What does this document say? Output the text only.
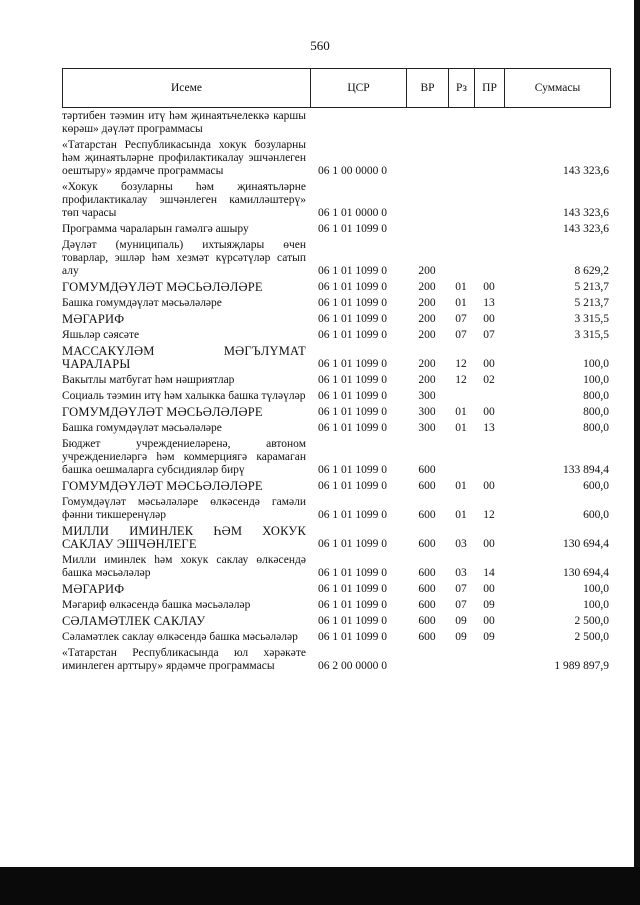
560
Исеме	ЦСР	ВР	Рз	ПР	Суммасы
тәртибен тәэмин итү һәм җинаятьчелеккә каршы көрәш» дәүләт программасы
«Татарстан Республикасында хокук бозуларны һәм җинаятьләрне профилактикалау эшчәнлеген оештыру» ярдәмче программасы	06 1 00 0000 0	143 323,6
«Хокук бозуларны һәм җинаятьләрне профилактикалау эшчәнлеген камилләштерү» төп чарасы	06 1 01 0000 0	143 323,6
Программа чараларын гамәлгә ашыру	06 1 01 1099 0	143 323,6
Дәүләт (муниципаль) ихтыяҗлары өчен товарлар, эшләр һәм хезмәт күрсәтүләр сатып алу	06 1 01 1099 0	200	8 629,2
ГОМУМДӘҮЛӘТ МӘСЬӘЛӘЛӘРЕ	06 1 01 1099 0	200	01	00	5 213,7
Башка гомумдәүләт мәсьәләләре	06 1 01 1099 0	200	01	13	5 213,7
МӘГАРИФ	06 1 01 1099 0	200	07	00	3 315,5
Яшьләр сәясәте	06 1 01 1099 0	200	07	07	3 315,5
МАССАКҮЛӘМ МӘГЪЛҮМАТ ЧАРАЛАРЫ	06 1 01 1099 0	200	12	00	100,0
Вакытлы матбугат һәм нәшриятлар	06 1 01 1099 0	200	12	02	100,0
Социаль тәэмин итү һәм халыкка башка түләүләр	06 1 01 1099 0	300	800,0
ГОМУМДӘҮЛӘТ МӘСЬӘЛӘЛӘРЕ	06 1 01 1099 0	300	01	00	800,0
Башка гомумдәүләт мәсьәләләре	06 1 01 1099 0	300	01	13	800,0
Бюджет учреждениеләренә, автоном учреждениеләргә һәм коммерциягә карамаган башка оешмаларга субсидияләр бирү	06 1 01 1099 0	600	133 894,4
ГОМУМДӘҮЛӘТ МӘСЬӘЛӘЛӘРЕ	06 1 01 1099 0	600	01	00	600,0
Гомумдәүләт мәсьәләләре өлкәсендә гамәли фәнни тикшеренүләр	06 1 01 1099 0	600	01	12	600,0
МИЛЛИ ИМИНЛЕК ҺӘМ ХОКУК САКЛАУ ЭШЧӘНЛЕГЕ	06 1 01 1099 0	600	03	00	130 694,4
Милли иминлек һәм хокук саклау өлкәсендә башка мәсьәләләр	06 1 01 1099 0	600	03	14	130 694,4
МӘГАРИФ	06 1 01 1099 0	600	07	00	100,0
Мәгариф өлкәсендә башка мәсьәләләр	06 1 01 1099 0	600	07	09	100,0
СӘЛАМӘТЛЕК САКЛАУ	06 1 01 1099 0	600	09	00	2 500,0
Сәламәтлек саклау өлкәсендә башка мәсьәләләр	06 1 01 1099 0	600	09	09	2 500,0
«Татарстан Республикасында юл хәрәкәте иминлеген арттыру» ярдәмче программасы	06 2 00 0000 0	1 989 897,9
